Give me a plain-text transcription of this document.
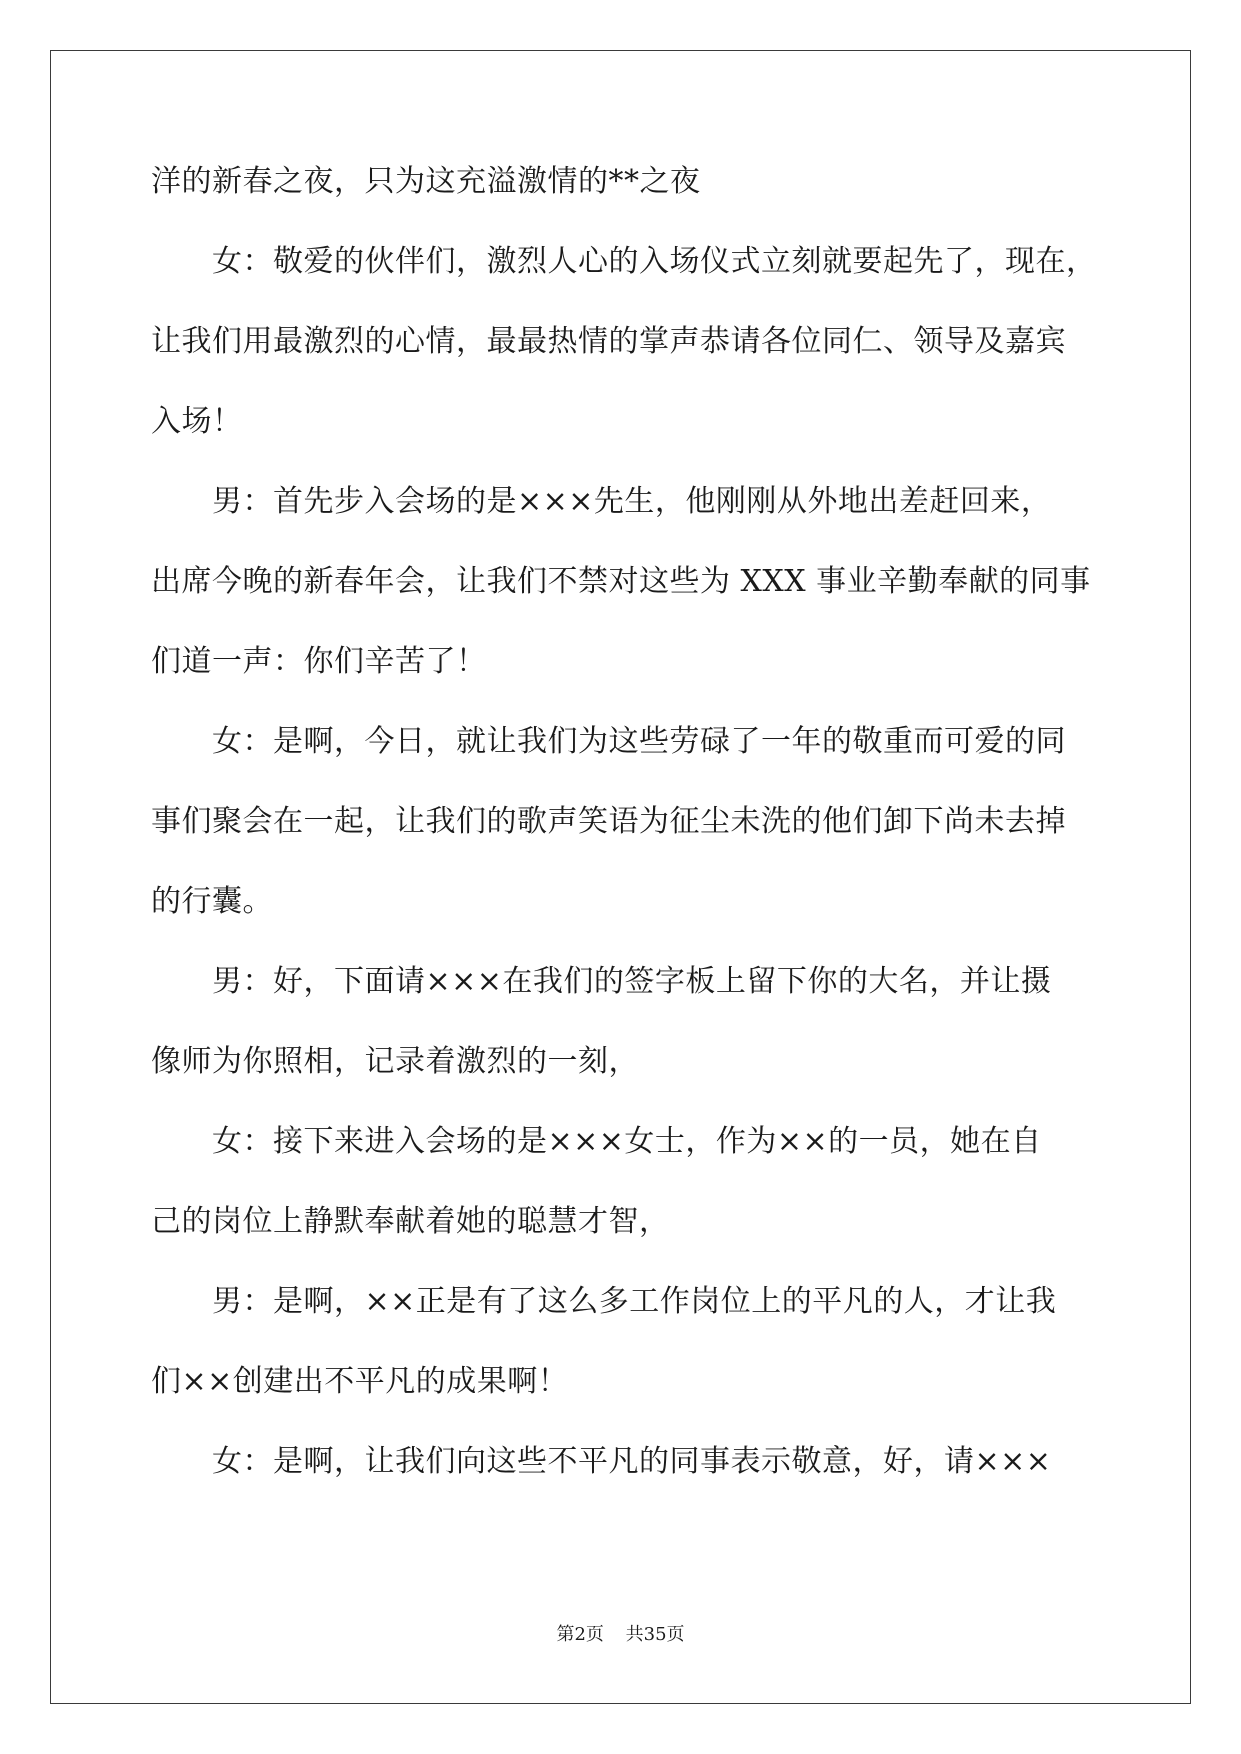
洋的新春之夜，只为这充溢激情的**之夜
女：敬爱的伙伴们，激烈人心的入场仪式立刻就要起先了，现在，
让我们用最激烈的心情，最最热情的掌声恭请各位同仁、领导及嘉宾
入场！
男：首先步入会场的是×××先生，他刚刚从外地出差赶回来，
出席今晚的新春年会，让我们不禁对这些为 XXX 事业辛勤奉献的同事
们道一声：你们辛苦了！
女：是啊，今日，就让我们为这些劳碌了一年的敬重而可爱的同
事们聚会在一起，让我们的歌声笑语为征尘未洗的他们卸下尚未去掉
的行囊。
男：好，下面请×××在我们的签字板上留下你的大名，并让摄
像师为你照相，记录着激烈的一刻，
女：接下来进入会场的是×××女士，作为××的一员，她在自
己的岗位上静默奉献着她的聪慧才智，
男：是啊，××正是有了这么多工作岗位上的平凡的人，才让我
们××创建出不平凡的成果啊！
女：是啊，让我们向这些不平凡的同事表示敬意，好，请×××
第2页 共35页
